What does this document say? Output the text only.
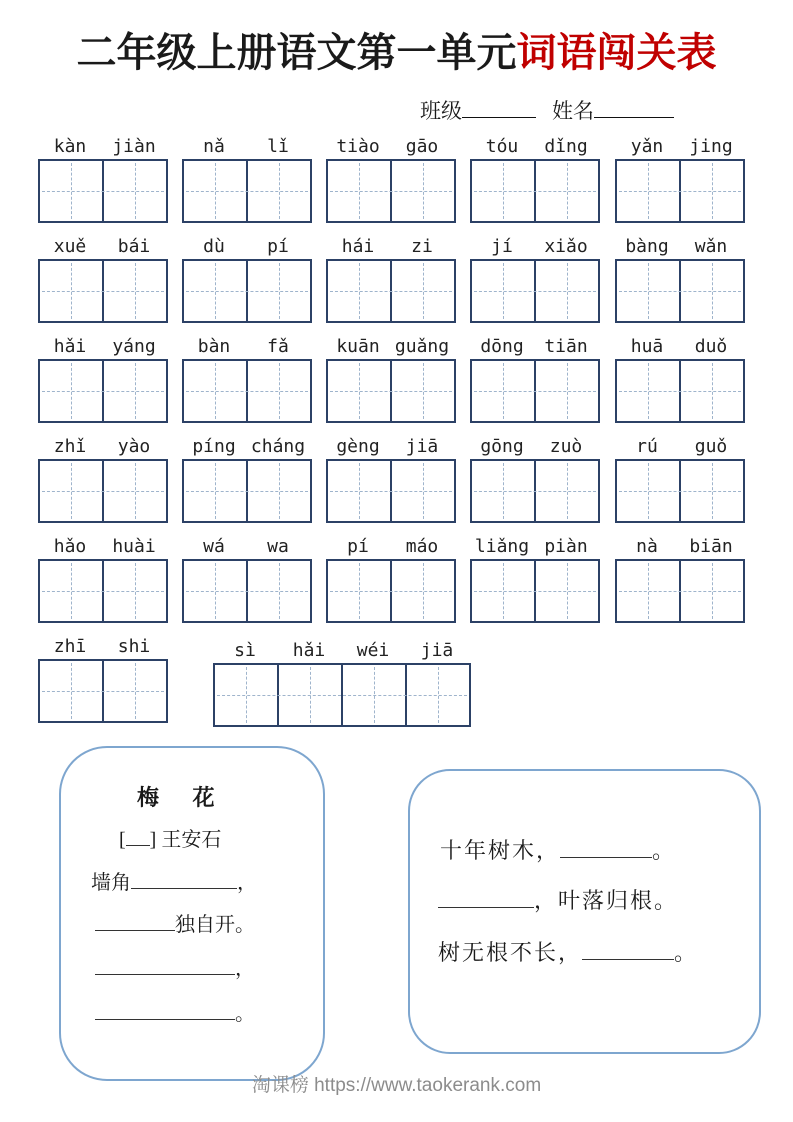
二年级上册语文第一单元词语闯关表
班级	姓名
kàn	jiàn	nǎ	lǐ	tiào	gāo	tóu	dǐng	yǎn	jing
xuě	bái	dù	pí	hái	zi	jí	xiǎo	bàng	wǎn
hǎi	yáng	bàn	fǎ	kuān guǎng	dōng	tiān	huā	duǒ
zhǐ	yào	píng cháng	gèng	jiā	gōng	zuò	rú	guǒ
hǎo	huài	wá	wa	pí	máo	liǎng piàn	nà	biān
zhī	shi	sì	hǎi	wéi	jiā
梅 花
[ ] 王安石
墙角	，
独自开。
，
。
十年树木，	。
，叶落归根。
树无根不长，	。
淘课榜 https://www.taokerank.com
